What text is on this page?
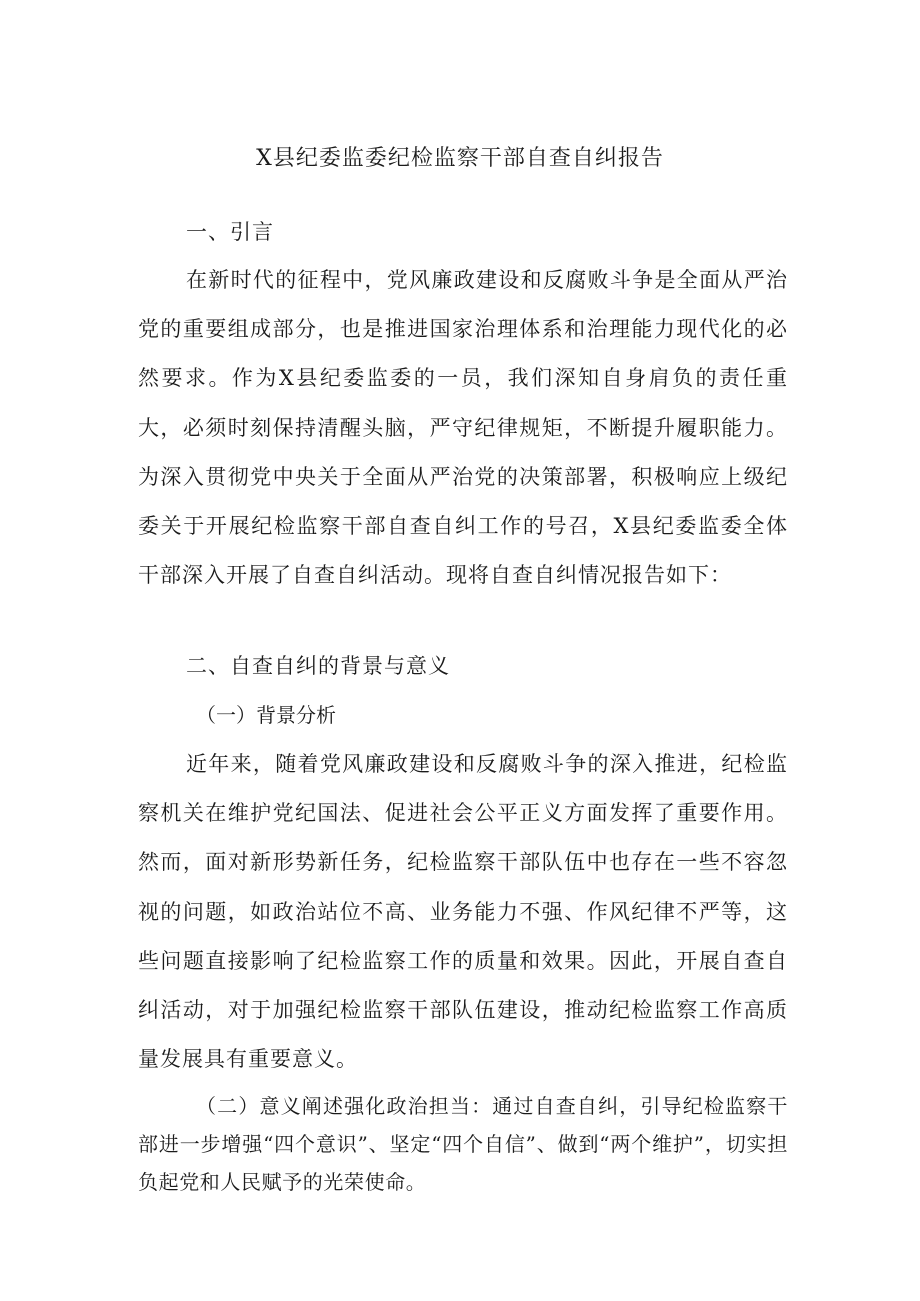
X县纪委监委纪检监察干部自查自纠报告

一、引言

在新时代的征程中，党风廉政建设和反腐败斗争是全面从严治党的重要组成部分，也是推进国家治理体系和治理能力现代化的必然要求。作为X县纪委监委的一员，我们深知自身肩负的责任重大，必须时刻保持清醒头脑，严守纪律规矩，不断提升履职能力。为深入贯彻党中央关于全面从严治党的决策部署，积极响应上级纪委关于开展纪检监察干部自查自纠工作的号召，X县纪委监委全体干部深入开展了自查自纠活动。现将自查自纠情况报告如下：

二、自查自纠的背景与意义

（一）背景分析

近年来，随着党风廉政建设和反腐败斗争的深入推进，纪检监察机关在维护党纪国法、促进社会公平正义方面发挥了重要作用。然而，面对新形势新任务，纪检监察干部队伍中也存在一些不容忽视的问题，如政治站位不高、业务能力不强、作风纪律不严等，这些问题直接影响了纪检监察工作的质量和效果。因此，开展自查自纠活动，对于加强纪检监察干部队伍建设，推动纪检监察工作高质量发展具有重要意义。

（二）意义阐述强化政治担当：通过自查自纠，引导纪检监察干部进一步增强“四个意识”、坚定“四个自信”、做到“两个维护”，切实担负起党和人民赋予的光荣使命。
